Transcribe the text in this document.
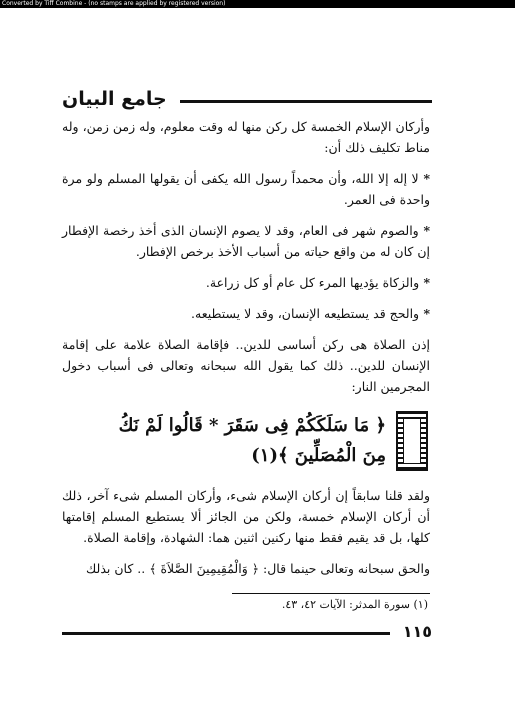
Converted by Tiff Combine - (no stamps are applied by registered version)
جامع البيان

وأركان الإسلام الخمسة كل ركن منها له وقت معلوم، وله زمن زمن، وله مناط تكليف ذلك أن:

* لا إله إلا الله، وأن محمداً رسول الله يكفى أن يقولها المسلم ولو مرة واحدة فى العمر.

* والصوم شهر فى العام، وقد لا يصوم الإنسان الذى أخذ رخصة الإفطار إن كان له من واقع حياته من أسباب الأخذ برخص الإفطار.

* والزكاة يؤديها المرء كل عام أو كل زراعة.

* والحج قد يستطيعه الإنسان، وقد لا يستطيعه.

إذن الصلاة هى ركن أساسى للدين.. فإقامة الصلاة علامة على إقامة الإنسان للدين.. ذلك كما يقول الله سبحانه وتعالى فى أسباب دخول المجرمين النار:

﴿ مَا سَلَكَكُمْ فِى سَقَرَ * قَالُوا لَمْ نَكُ مِنَ الْمُصَلِّينَ ﴾(١)

ولقد قلنا سابقاً إن أركان الإسلام شىء، وأركان المسلم شىء آخر، ذلك أن أركان الإسلام خمسة، ولكن من الجائز ألا يستطيع المسلم إقامتها كلها، بل قد يقيم فقط منها ركنين اثنين هما: الشهادة، وإقامة الصلاة.

والحق سبحانه وتعالى حينما قال: ﴿ وَالْمُقِيمِينَ الصَّلاَةَ ﴾ .. كان بذلك

(١) سورة المدثر: الآيات ٤٢، ٤٣.
١١٥
